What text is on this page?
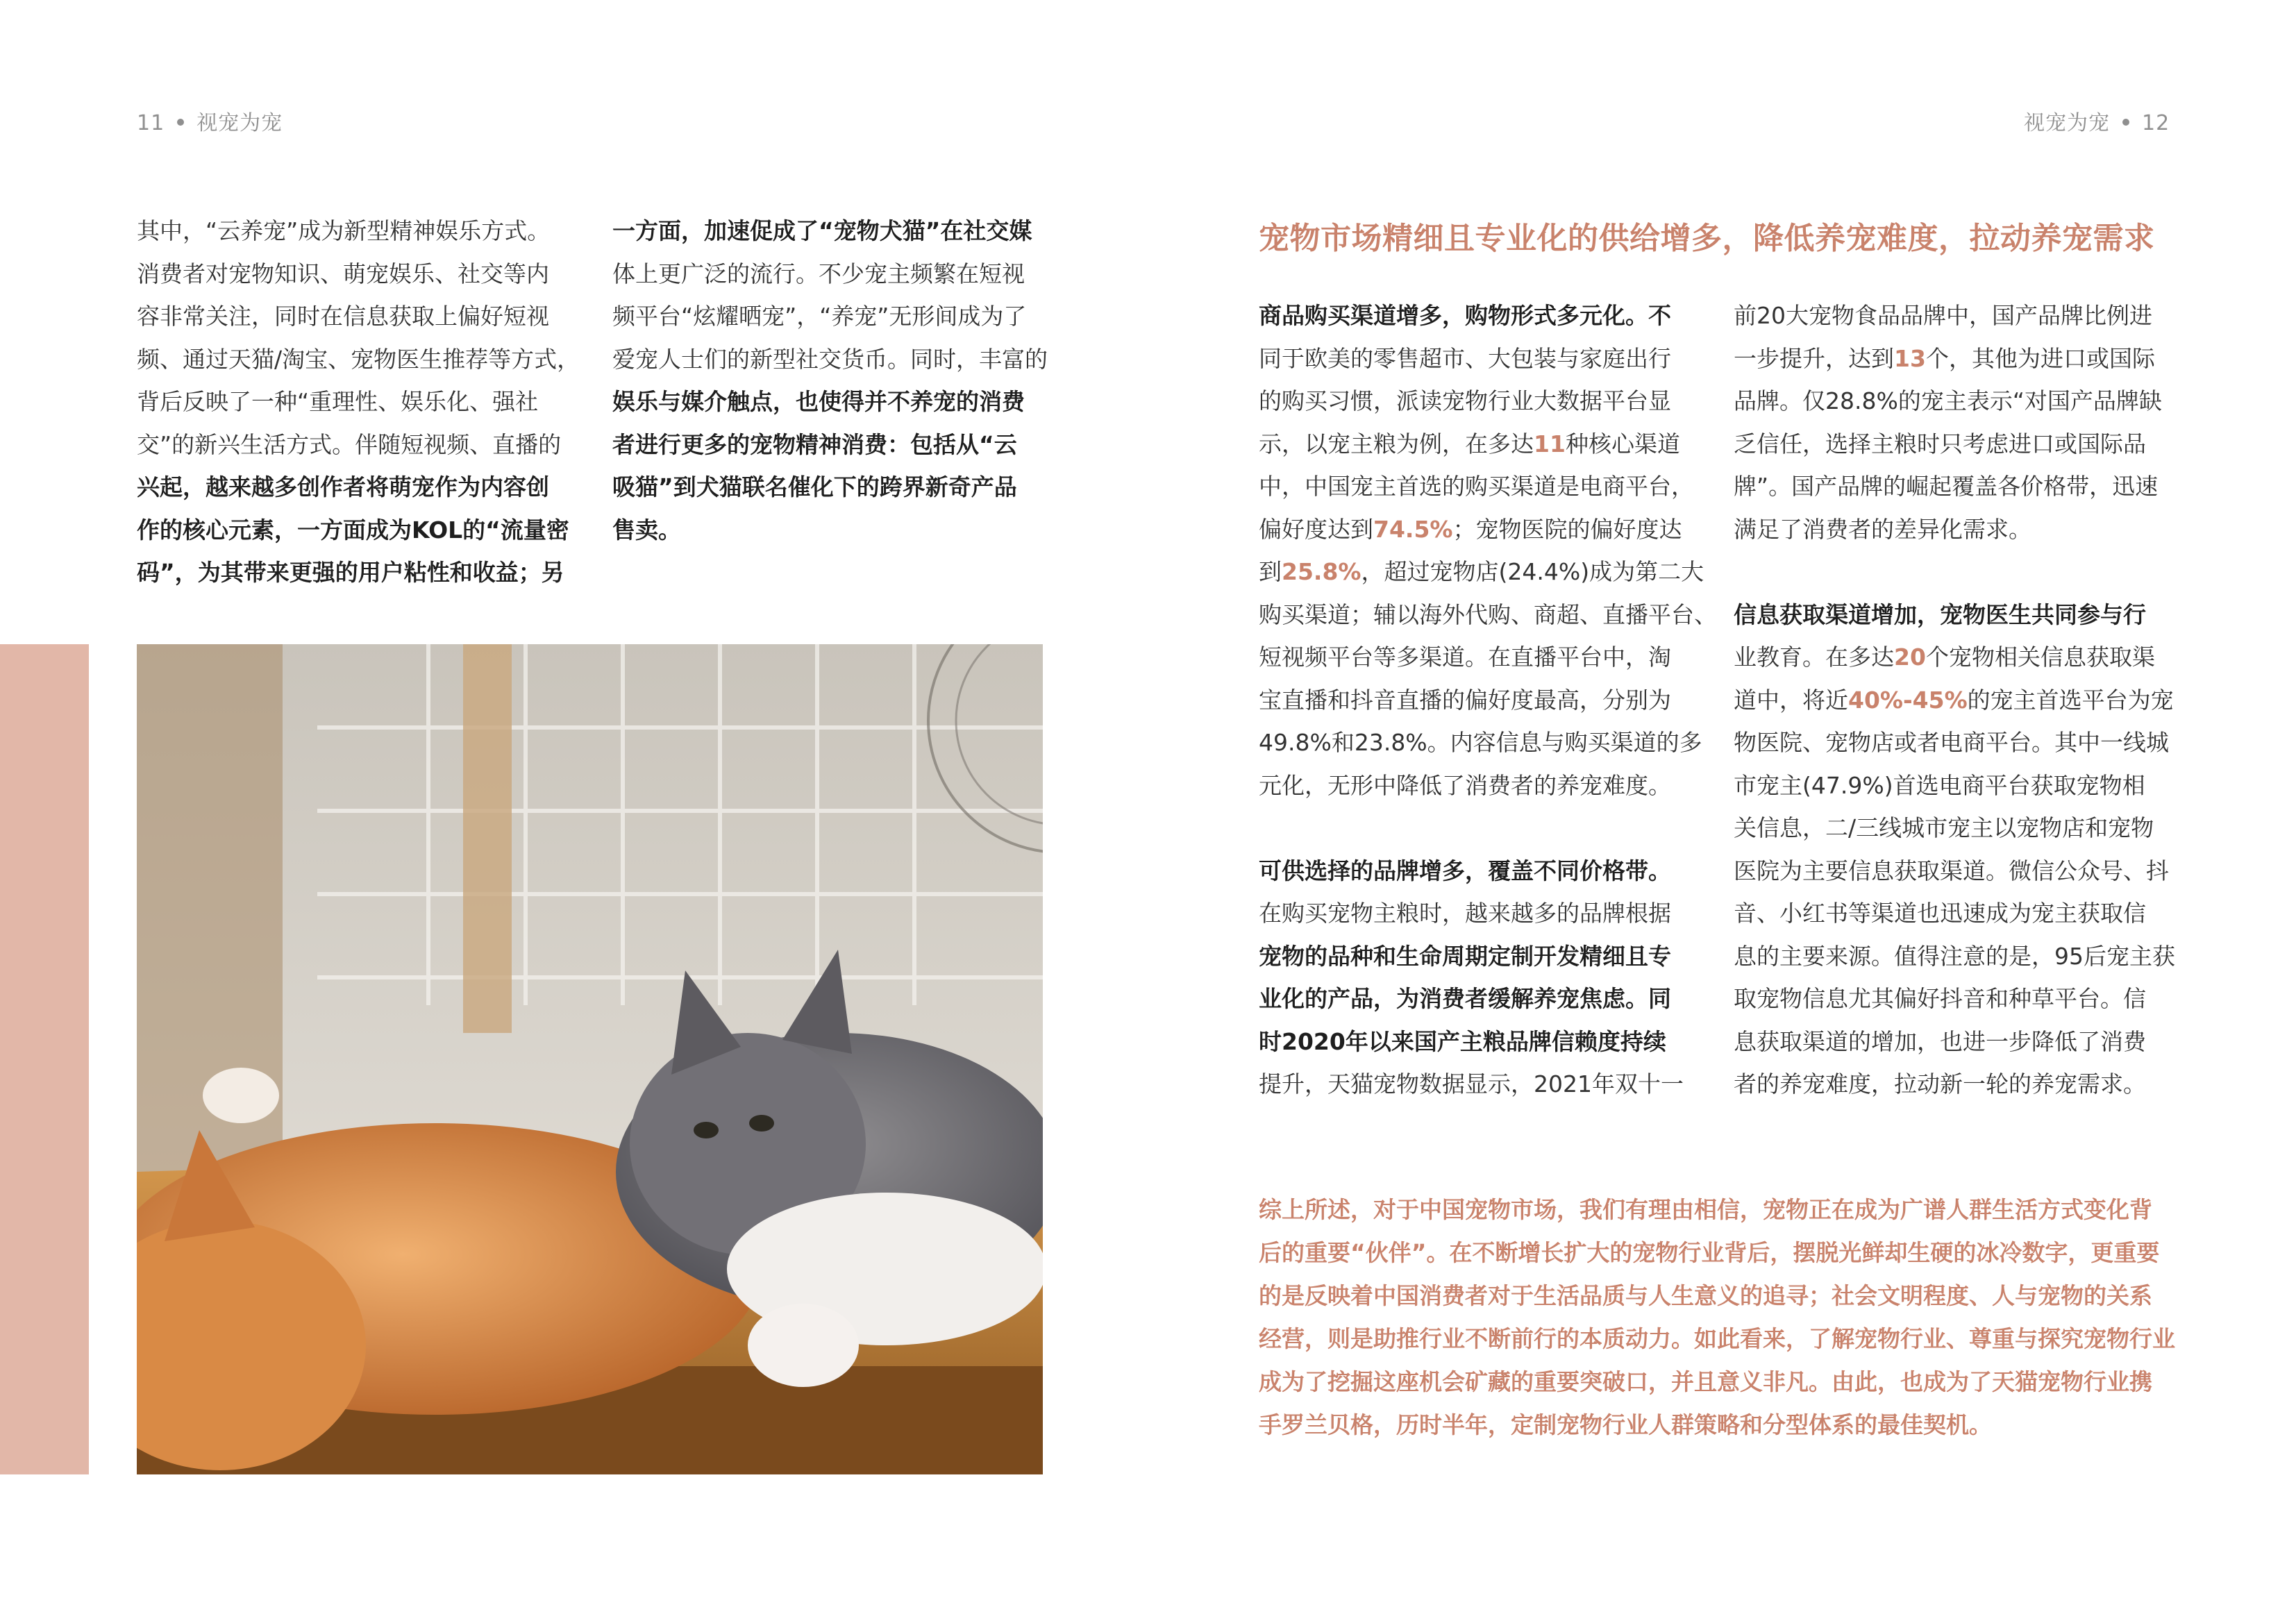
11 视宠为宠	视宠为宠 12
其中，“云养宠”成为新型精神娱乐方式。
消费者对宠物知识、萌宠娱乐、社交等内
容非常关注，同时在信息获取上偏好短视
频、通过天猫/淘宝、宠物医生推荐等方式，
背后反映了一种“重理性、娱乐化、强社
交”的新兴生活方式。伴随短视频、直播的
兴起，越来越多创作者将萌宠作为内容创
作的核心元素，一方面成为KOL的“流量密
码”，为其带来更强的用户粘性和收益；另
一方面，加速促成了“宠物犬猫”在社交媒
体上更广泛的流行。不少宠主频繁在短视
频平台“炫耀晒宠”，“养宠”无形间成为了
爱宠人士们的新型社交货币。同时，丰富的
娱乐与媒介触点，也使得并不养宠的消费
者进行更多的宠物精神消费：包括从“云
吸猫”到犬猫联名催化下的跨界新奇产品
售卖。
宠物市场精细且专业化的供给增多，降低养宠难度，拉动养宠需求
商品购买渠道增多，购物形式多元化。不
同于欧美的零售超市、大包装与家庭出行
的购买习惯，派读宠物行业大数据平台显
示，以宠主粮为例，在多达11种核心渠道
中，中国宠主首选的购买渠道是电商平台，
偏好度达到74.5%；宠物医院的偏好度达
到25.8%，超过宠物店(24.4%)成为第二大
购买渠道；辅以海外代购、商超、直播平台、
短视频平台等多渠道。在直播平台中，淘
宝直播和抖音直播的偏好度最高，分别为
49.8%和23.8%。内容信息与购买渠道的多
元化，无形中降低了消费者的养宠难度。
可供选择的品牌增多，覆盖不同价格带。
在购买宠物主粮时，越来越多的品牌根据
宠物的品种和生命周期定制开发精细且专
业化的产品，为消费者缓解养宠焦虑。同
时2020年以来国产主粮品牌信赖度持续
提升，天猫宠物数据显示，2021年双十一
前20大宠物食品品牌中，国产品牌比例进
一步提升，达到13个，其他为进口或国际
品牌。仅28.8%的宠主表示“对国产品牌缺
乏信任，选择主粮时只考虑进口或国际品
牌”。国产品牌的崛起覆盖各价格带，迅速
满足了消费者的差异化需求。
信息获取渠道增加，宠物医生共同参与行
业教育。在多达20个宠物相关信息获取渠
道中，将近40%-45%的宠主首选平台为宠
物医院、宠物店或者电商平台。其中一线城
市宠主(47.9%)首选电商平台获取宠物相
关信息，二/三线城市宠主以宠物店和宠物
医院为主要信息获取渠道。微信公众号、抖
音、小红书等渠道也迅速成为宠主获取信
息的主要来源。值得注意的是，95后宠主获
取宠物信息尤其偏好抖音和种草平台。信
息获取渠道的增加，也进一步降低了消费
者的养宠难度，拉动新一轮的养宠需求。
综上所述，对于中国宠物市场，我们有理由相信，宠物正在成为广谱人群生活方式变化背
后的重要“伙伴”。在不断增长扩大的宠物行业背后，摆脱光鲜却生硬的冰冷数字，更重要
的是反映着中国消费者对于生活品质与人生意义的追寻；社会文明程度、人与宠物的关系
经营，则是助推行业不断前行的本质动力。如此看来，了解宠物行业、尊重与探究宠物行业
成为了挖掘这座机会矿藏的重要突破口，并且意义非凡。由此，也成为了天猫宠物行业携
手罗兰贝格，历时半年，定制宠物行业人群策略和分型体系的最佳契机。
